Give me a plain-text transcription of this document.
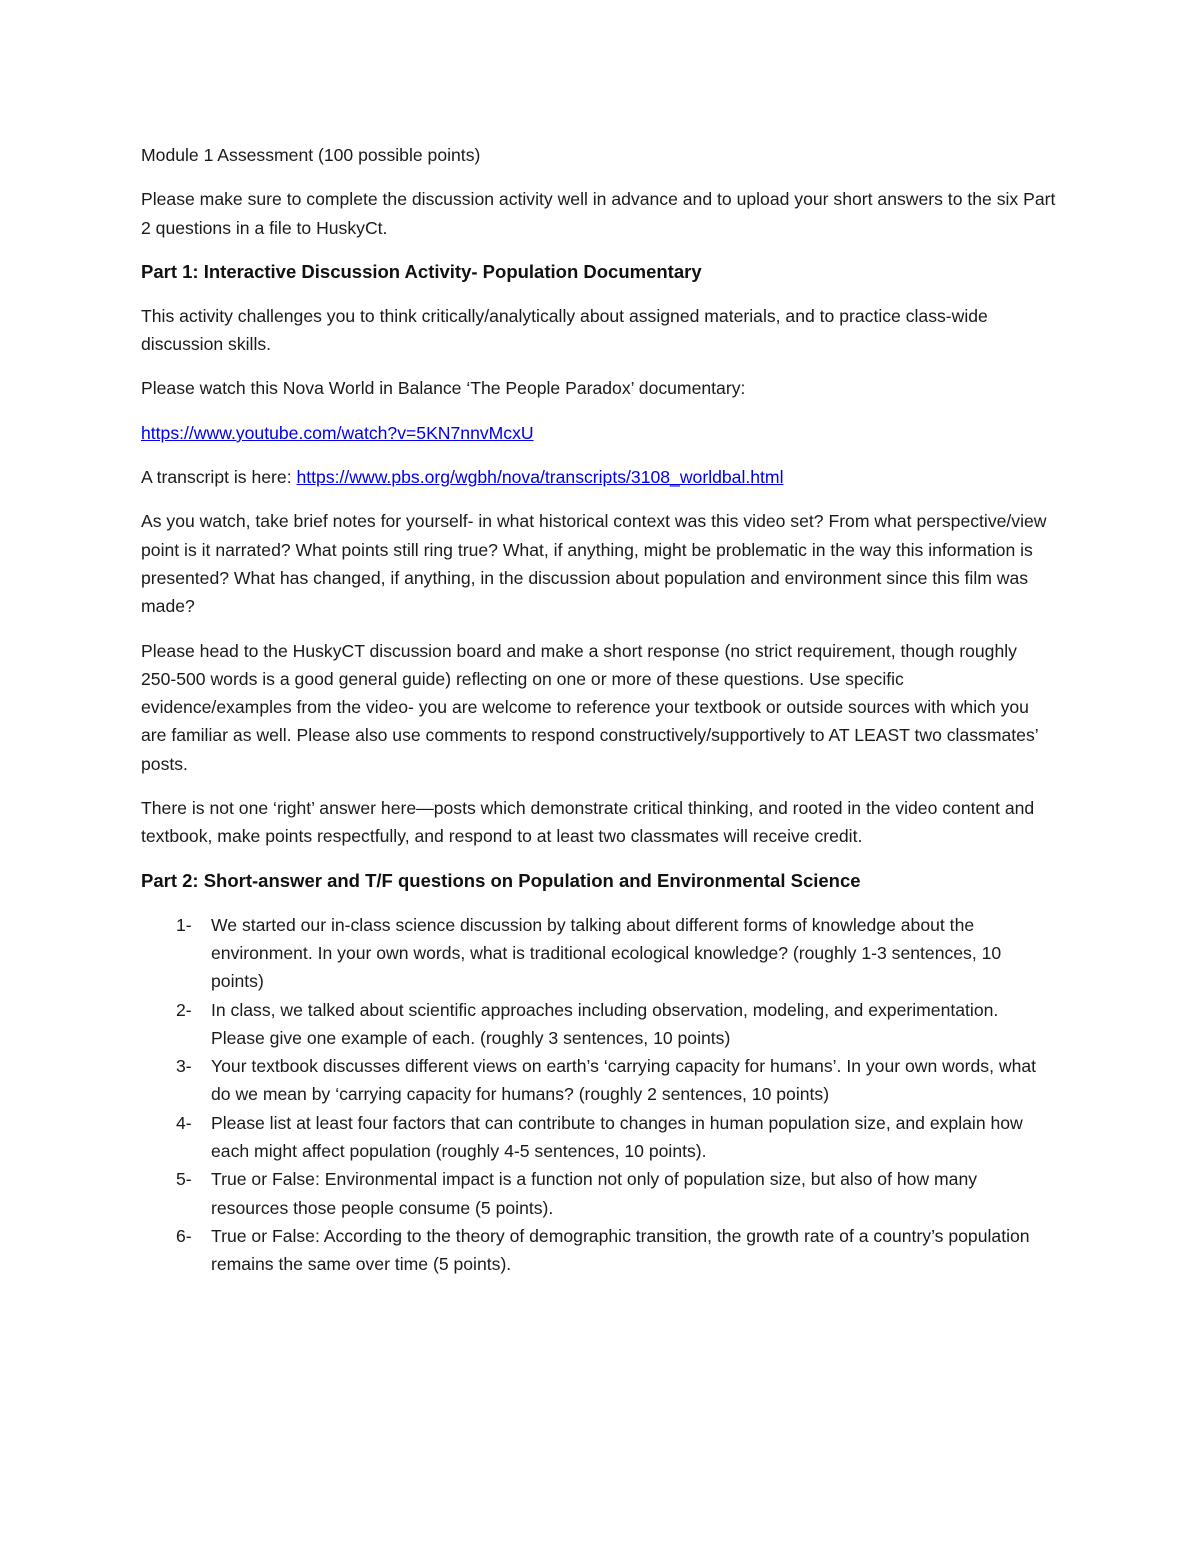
Module 1 Assessment (100 possible points)

Please make sure to complete the discussion activity well in advance and to upload your short answers to the six Part 2 questions in a file to HuskyCt.

Part 1: Interactive Discussion Activity- Population Documentary

This activity challenges you to think critically/analytically about assigned materials, and to practice class-wide discussion skills.

Please watch this Nova World in Balance ‘The People Paradox’ documentary:

https://www.youtube.com/watch?v=5KN7nnvMcxU

A transcript is here: https://www.pbs.org/wgbh/nova/transcripts/3108_worldbal.html

As you watch, take brief notes for yourself- in what historical context was this video set? From what perspective/view point is it narrated? What points still ring true? What, if anything, might be problematic in the way this information is presented? What has changed, if anything, in the discussion about population and environment since this film was made?

Please head to the HuskyCT discussion board and make a short response (no strict requirement, though roughly 250-500 words is a good general guide) reflecting on one or more of these questions. Use specific evidence/examples from the video- you are welcome to reference your textbook or outside sources with which you are familiar as well. Please also use comments to respond constructively/supportively to AT LEAST two classmates’ posts.

There is not one ‘right’ answer here—posts which demonstrate critical thinking, and rooted in the video content and textbook, make points respectfully, and respond to at least two classmates will receive credit.

Part 2: Short-answer and T/F questions on Population and Environmental Science
1- We started our in-class science discussion by talking about different forms of knowledge about the environment. In your own words, what is traditional ecological knowledge? (roughly 1-3 sentences, 10 points)
2- In class, we talked about scientific approaches including observation, modeling, and experimentation. Please give one example of each. (roughly 3 sentences, 10 points)
3- Your textbook discusses different views on earth’s ‘carrying capacity for humans’. In your own words, what do we mean by ‘carrying capacity for humans? (roughly 2 sentences, 10 points)
4- Please list at least four factors that can contribute to changes in human population size, and explain how each might affect population (roughly 4-5 sentences, 10 points).
5- True or False: Environmental impact is a function not only of population size, but also of how many resources those people consume (5 points).
6- True or False: According to the theory of demographic transition, the growth rate of a country’s population remains the same over time (5 points).
